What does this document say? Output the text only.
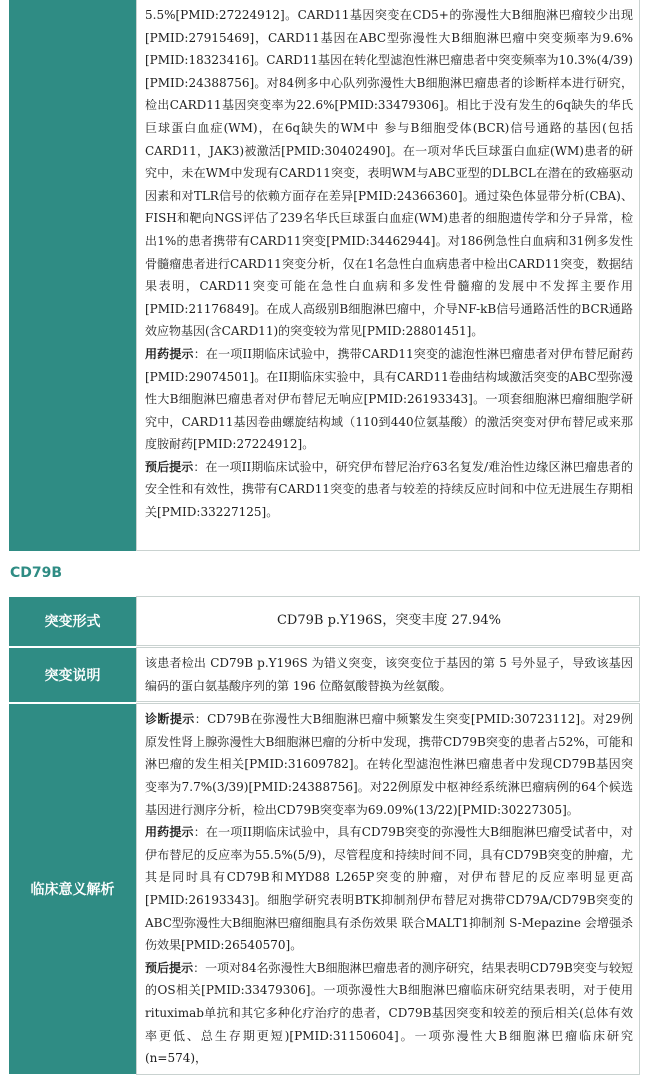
5.5%[PMID:27224912]。CARD11基因突变在CD5+的弥漫性大B细胞淋巴瘤较少出现[PMID:27915469]，CARD11基因在ABC型弥漫性大B细胞淋巴瘤中突变频率为9.6%[PMID:18323416]。CARD11基因在转化型滤泡性淋巴瘤患者中突变频率为10.3%(4/39)[PMID:24388756]。对84例多中心队列弥漫性大B细胞淋巴瘤患者的诊断样本进行研究，检出CARD11基因突变率为22.6%[PMID:33479306]。相比于没有发生的6q缺失的华氏巨球蛋白血症(WM)，在6q缺失的WM中 参与B细胞受体(BCR)信号通路的基因(包括CARD11，JAK3)被激活[PMID:30402490]。在一项对华氏巨球蛋白血症(WM)患者的研究中，未在WM中发现有CARD11突变，表明WM与ABC亚型的DLBCL在潜在的致癌驱动因素和对TLR信号的依赖方面存在差异[PMID:24366360]。通过染色体显带分析(CBA)、FISH和靶向NGS评估了239名华氏巨球蛋白血症(WM)患者的细胞遗传学和分子异常，检出1%的患者携带有CARD11突变[PMID:34462944]。对186例急性白血病和31例多发性骨髓瘤患者进行CARD11突变分析，仅在1名急性白血病患者中检出CARD11突变，数据结果表明，CARD11突变可能在急性白血病和多发性骨髓瘤的发展中不发挥主要作用[PMID:21176849]。在成人高级别B细胞淋巴瘤中，介导NF-kB信号通路活性的BCR通路效应物基因(含CARD11)的突变较为常见[PMID:28801451]。

用药提示：在一项II期临床试验中，携带CARD11突变的滤泡性淋巴瘤患者对伊布替尼耐药[PMID:29074501]。在II期临床实验中，具有CARD11卷曲结构域激活突变的ABC型弥漫性大B细胞淋巴瘤患者对伊布替尼无响应[PMID:26193343]。一项套细胞淋巴瘤细胞学研究中，CARD11基因卷曲螺旋结构域（110到440位氨基酸）的激活突变对伊布替尼或来那度胺耐药[PMID:27224912]。

预后提示：在一项II期临床试验中，研究伊布替尼治疗63名复发/难治性边缘区淋巴瘤患者的安全性和有效性，携带有CARD11突变的患者与较差的持续反应时间和中位无进展生存期相关[PMID:33227125]。

CD79B
突变形式	CD79B p.Y196S，突变丰度 27.94%

突变说明	该患者检出 CD79B p.Y196S 为错义突变，该突变位于基因的第 5 号外显子，导致该基因编码的蛋白氨基酸序列的第 196 位酪氨酸替换为丝氨酸。

临床意义解析	诊断提示：CD79B在弥漫性大B细胞淋巴瘤中频繁发生突变[PMID:30723112]。对29例原发性肾上腺弥漫性大B细胞淋巴瘤的分析中发现，携带CD79B突变的患者占52%，可能和淋巴瘤的发生相关[PMID:31609782]。在转化型滤泡性淋巴瘤患者中发现CD79B基因突变率为7.7%(3/39)[PMID:24388756]。对22例原发中枢神经系统淋巴瘤病例的64个候选基因进行测序分析，检出CD79B突变率为69.09%(13/22)[PMID:30227305]。

用药提示：在一项II期临床试验中，具有CD79B突变的弥漫性大B细胞淋巴瘤受试者中，对伊布替尼的反应率为55.5%(5/9)，尽管程度和持续时间不同，具有CD79B突变的肿瘤，尤其是同时具有CD79B和MYD88 L265P突变的肿瘤，对伊布替尼的反应率明显更高[PMID:26193343]。细胞学研究表明BTK抑制剂伊布替尼对携带CD79A/CD79B突变的ABC型弥漫性大B细胞淋巴瘤细胞具有杀伤效果 联合MALT1抑制剂 S-Mepazine 会增强杀伤效果[PMID:26540570]。

预后提示：一项对84名弥漫性大B细胞淋巴瘤患者的测序研究，结果表明CD79B突变与较短的OS相关[PMID:33479306]。一项弥漫性大B细胞淋巴瘤临床研究结果表明，对于使用rituximab单抗和其它多种化疗治疗的患者，CD79B基因突变和较差的预后相关(总体有效率更低、总生存期更短)[PMID:31150604]。一项弥漫性大B细胞淋巴瘤临床研究(n=574)，
